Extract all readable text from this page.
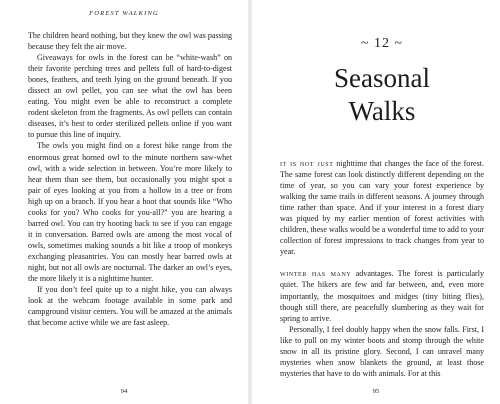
FOREST WALKING

The children heard nothing, but they knew the owl was passing because they felt the air move.

Giveaways for owls in the forest can be “white-wash” on their favorite perching trees and pellets full of hard-to-digest bones, feathers, and teeth lying on the ground beneath. If you dissect an owl pellet, you can see what the owl has been eating. You might even be able to reconstruct a complete rodent skeleton from the fragments. As owl pellets can contain diseases, it’s best to order sterilized pellets online if you want to pursue this line of inquiry.

The owls you might find on a forest hike range from the enormous great horned owl to the minute northern saw-whet owl, with a wide selection in between. You’re more likely to hear them than see them, but occasionally you might spot a pair of eyes looking at you from a hollow in a tree or from high up on a branch. If you hear a hoot that sounds like “Who cooks for you? Who cooks for you-all?” you are hearing a barred owl. You can try hooting back to see if you can engage it in conversation. Barred owls are among the most vocal of owls, sometimes making sounds a bit like a troop of monkeys exchanging pleasantries. You can mostly hear barred owls at night, but not all owls are nocturnal. The darker an owl’s eyes, the more likely it is a nighttime hunter.

If you don’t feel quite up to a night hike, you can always look at the webcam footage available in some park and campground visitor centers. You will be amazed at the animals that become active while we are fast asleep.

94
~ 12 ~
Seasonal
Walks

it is not just nighttime that changes the face of the forest. The same forest can look distinctly different depending on the time of year, so you can vary your forest experience by walking the same trails in different seasons. A journey through time rather than space. And if your interest in a forest diary was piqued by my earlier mention of forest activities with children, these walks would be a wonderful time to add to your collection of forest impressions to track changes from year to year.

winter has many advantages. The forest is particularly quiet. The hikers are few and far between, and, even more importantly, the mosquitoes and midges (tiny biting flies), though still there, are peacefully slumbering as they wait for spring to arrive.

Personally, I feel doubly happy when the snow falls. First, I like to pull on my winter boots and stomp through the white snow in all its pristine glory. Second, I can unravel many mysteries when snow blankets the ground, at least those mysteries that have to do with animals. For at this

95
